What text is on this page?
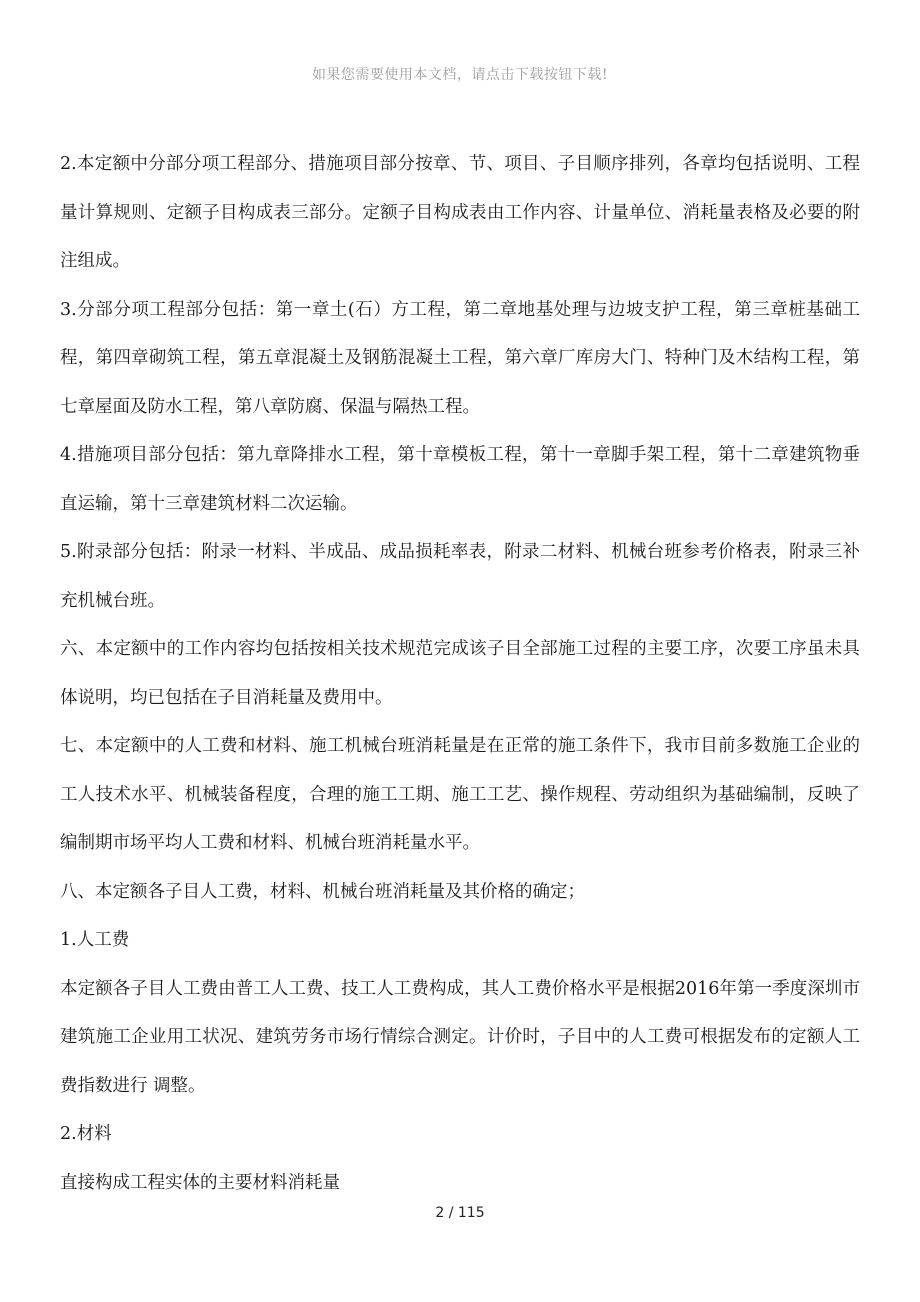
如果您需要使用本文档，请点击下载按钮下载!

2.本定额中分部分项工程部分、措施项目部分按章、节、项目、子目顺序排列，各章均包括说明、工程量计算规则、定额子目构成表三部分。定额子目构成表由工作内容、计量单位、消耗量表格及必要的附注组成。

3.分部分项工程部分包括：第一章土(石）方工程，第二章地基处理与边坡支护工程，第三章桩基础工程，第四章砌筑工程，第五章混凝土及钢筋混凝土工程，第六章厂库房大门、特种门及木结构工程，第七章屋面及防水工程，第八章防腐、保温与隔热工程。

4.措施项目部分包括：第九章降排水工程，第十章模板工程，第十一章脚手架工程，第十二章建筑物垂直运输，第十三章建筑材料二次运输。

5.附录部分包括：附录一材料、半成品、成品损耗率表，附录二材料、机械台班参考价格表，附录三补充机械台班。

六、本定额中的工作内容均包括按相关技术规范完成该子目全部施工过程的主要工序，次要工序虽未具体说明，均已包括在子目消耗量及费用中。

七、本定额中的人工费和材料、施工机械台班消耗量是在正常的施工条件下，我市目前多数施工企业的工人技术水平、机械装备程度，合理的施工工期、施工工艺、操作规程、劳动组织为基础编制，反映了编制期市场平均人工费和材料、机械台班消耗量水平。

八、本定额各子目人工费，材料、机械台班消耗量及其价格的确定；

1.人工费

本定额各子目人工费由普工人工费、技工人工费构成，其人工费价格水平是根据2016年第一季度深圳市建筑施工企业用工状况、建筑劳务市场行情综合测定。计价时，子目中的人工费可根据发布的定额人工费指数进行 调整。

2.材料

直接构成工程实体的主要材料消耗量

2 / 115
